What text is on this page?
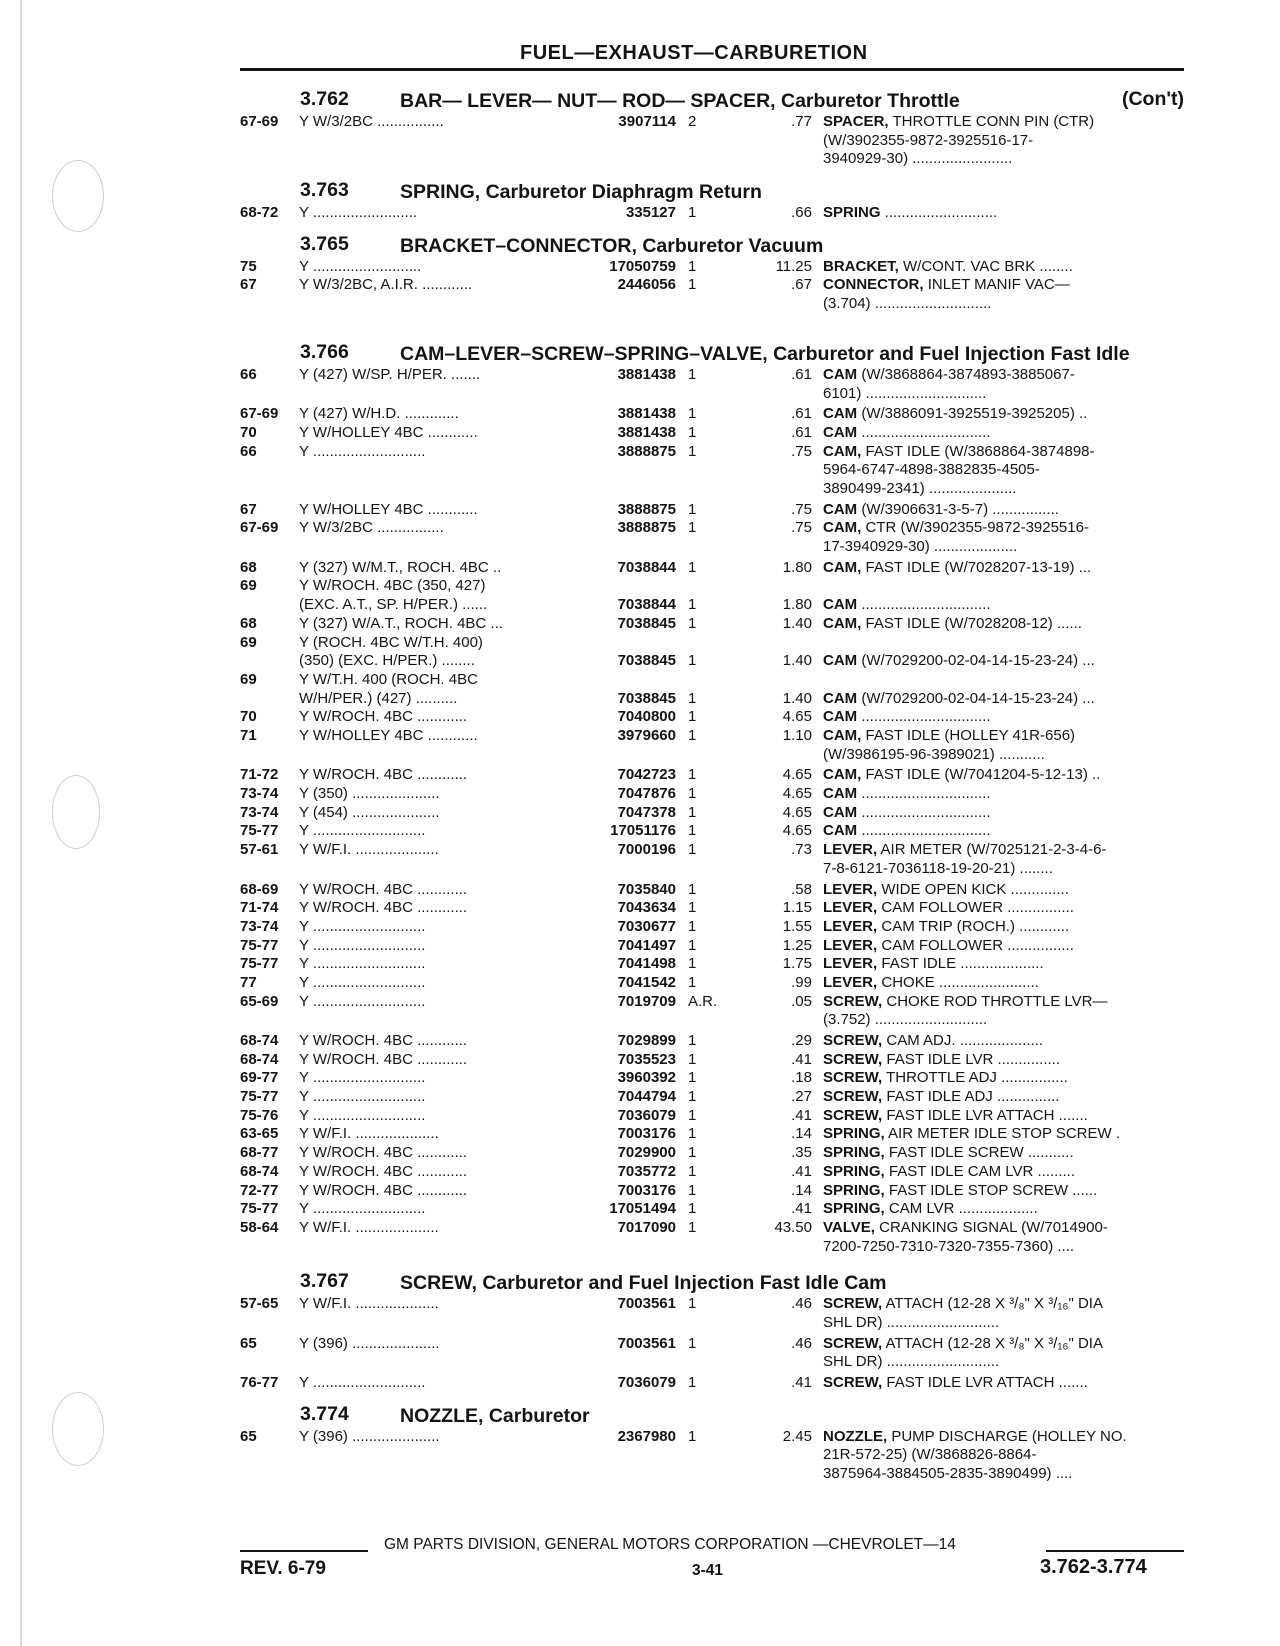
FUEL—EXHAUST—CARBURETION
3.762	BAR— LEVER— NUT— ROD— SPACER, Carburetor Throttle	(Con't)
67-69 Y W/3/2BC ................	3907114 2	.77 SPACER, THROTTLE CONN PIN (CTR)
(W/3902355-9872-3925516-17-
3940929-30) ........................
3.763	SPRING, Carburetor Diaphragm Return
68-72 Y .........................	335127 1	.66 SPRING ...........................
3.765	BRACKET–CONNECTOR, Carburetor Vacuum
75	Y ..........................	17050759 1	11.25 BRACKET, W/CONT. VAC BRK ........
67	Y W/3/2BC, A.I.R. ............	2446056 1	.67 CONNECTOR, INLET MANIF VAC—
(3.704) ............................
3.766	CAM–LEVER–SCREW–SPRING–VALVE, Carburetor and Fuel Injection Fast Idle
66	Y (427) W/SP. H/PER. .......	3881438 1	.61 CAM (W/3868864-3874893-3885067-
6101) .............................
67-69 Y (427) W/H.D. .............	3881438 1	.61 CAM (W/3886091-3925519-3925205) ..
70	Y W/HOLLEY 4BC ............	3881438 1	.61 CAM ...............................
66	Y ...........................	3888875 1	.75 CAM, FAST IDLE (W/3868864-3874898-
5964-6747-4898-3882835-4505-
3890499-2341) .....................
67	Y W/HOLLEY 4BC ............	3888875 1	.75 CAM (W/3906631-3-5-7) ................
67-69 Y W/3/2BC ................	3888875 1	.75 CAM, CTR (W/3902355-9872-3925516-
17-3940929-30) ....................
68	Y (327) W/M.T., ROCH. 4BC ..	7038844 1	1.80 CAM, FAST IDLE (W/7028207-13-19) ...
69	Y W/ROCH. 4BC (350, 427)
(EXC. A.T., SP. H/PER.) ......	7038844 1	1.80 CAM ...............................
68	Y (327) W/A.T., ROCH. 4BC ...	7038845 1	1.40 CAM, FAST IDLE (W/7028208-12) ......
69	Y (ROCH. 4BC W/T.H. 400)
(350) (EXC. H/PER.) ........	7038845 1	1.40 CAM (W/7029200-02-04-14-15-23-24) ...
69	Y W/T.H. 400 (ROCH. 4BC
W/H/PER.) (427) ..........	7038845 1	1.40 CAM (W/7029200-02-04-14-15-23-24) ...
70	Y W/ROCH. 4BC ............	7040800 1	4.65 CAM ...............................
71	Y W/HOLLEY 4BC ............	3979660 1	1.10 CAM, FAST IDLE (HOLLEY 41R-656)
(W/3986195-96-3989021) ...........
71-72 Y W/ROCH. 4BC ............	7042723 1	4.65 CAM, FAST IDLE (W/7041204-5-12-13) ..
73-74 Y (350) .....................	7047876 1	4.65 CAM ...............................
73-74 Y (454) .....................	7047378 1	4.65 CAM ...............................
75-77 Y ...........................	17051176 1	4.65 CAM ...............................
57-61 Y W/F.I. ....................	7000196 1	.73 LEVER, AIR METER (W/7025121-2-3-4-6-
7-8-6121-7036118-19-20-21) ........
68-69 Y W/ROCH. 4BC ............	7035840 1	.58 LEVER, WIDE OPEN KICK ..............
71-74 Y W/ROCH. 4BC ............	7043634 1	1.15 LEVER, CAM FOLLOWER ................
73-74 Y ...........................	7030677 1	1.55 LEVER, CAM TRIP (ROCH.) ............
75-77 Y ...........................	7041497 1	1.25 LEVER, CAM FOLLOWER ................
75-77 Y ...........................	7041498 1	1.75 LEVER, FAST IDLE ....................
77	Y ...........................	7041542 1	.99 LEVER, CHOKE ........................
65-69 Y ...........................	7019709 A.R.	.05 SCREW, CHOKE ROD THROTTLE LVR—
(3.752) ...........................
68-74 Y W/ROCH. 4BC ............	7029899 1	.29 SCREW, CAM ADJ. ....................
68-74 Y W/ROCH. 4BC ............	7035523 1	.41 SCREW, FAST IDLE LVR ...............
69-77 Y ...........................	3960392 1	.18 SCREW, THROTTLE ADJ ................
75-77 Y ...........................	7044794 1	.27 SCREW, FAST IDLE ADJ ...............
75-76 Y ...........................	7036079 1	.41 SCREW, FAST IDLE LVR ATTACH .......
63-65 Y W/F.I. ....................	7003176 1	.14 SPRING, AIR METER IDLE STOP SCREW .
68-77 Y W/ROCH. 4BC ............	7029900 1	.35 SPRING, FAST IDLE SCREW ...........
68-74 Y W/ROCH. 4BC ............	7035772 1	.41 SPRING, FAST IDLE CAM LVR .........
72-77 Y W/ROCH. 4BC ............	7003176 1	.14 SPRING, FAST IDLE STOP SCREW ......
75-77 Y ...........................	17051494 1	.41 SPRING, CAM LVR ...................
58-64 Y W/F.I. ....................	7017090 1	43.50 VALVE, CRANKING SIGNAL (W/7014900-
7200-7250-7310-7320-7355-7360) ....
3.767	SCREW, Carburetor and Fuel Injection Fast Idle Cam
57-65 Y W/F.I. ....................	7003561 1	.46 SCREW, ATTACH (12-28 X ³/₈" X ³/₁₆" DIA
SHL DR) ...........................
65	Y (396) .....................	7003561 1	.46 SCREW, ATTACH (12-28 X ³/₈" X ³/₁₆" DIA
SHL DR) ...........................
76-77 Y ...........................	7036079 1	.41 SCREW, FAST IDLE LVR ATTACH .......
3.774	NOZZLE, Carburetor
65	Y (396) .....................	2367980 1	2.45 NOZZLE, PUMP DISCHARGE (HOLLEY NO.
21R-572-25) (W/3868826-8864-
3875964-3884505-2835-3890499) ....
GM PARTS DIVISION, GENERAL MOTORS CORPORATION —CHEVROLET—14
REV. 6-79	3-41	3.762-3.774
